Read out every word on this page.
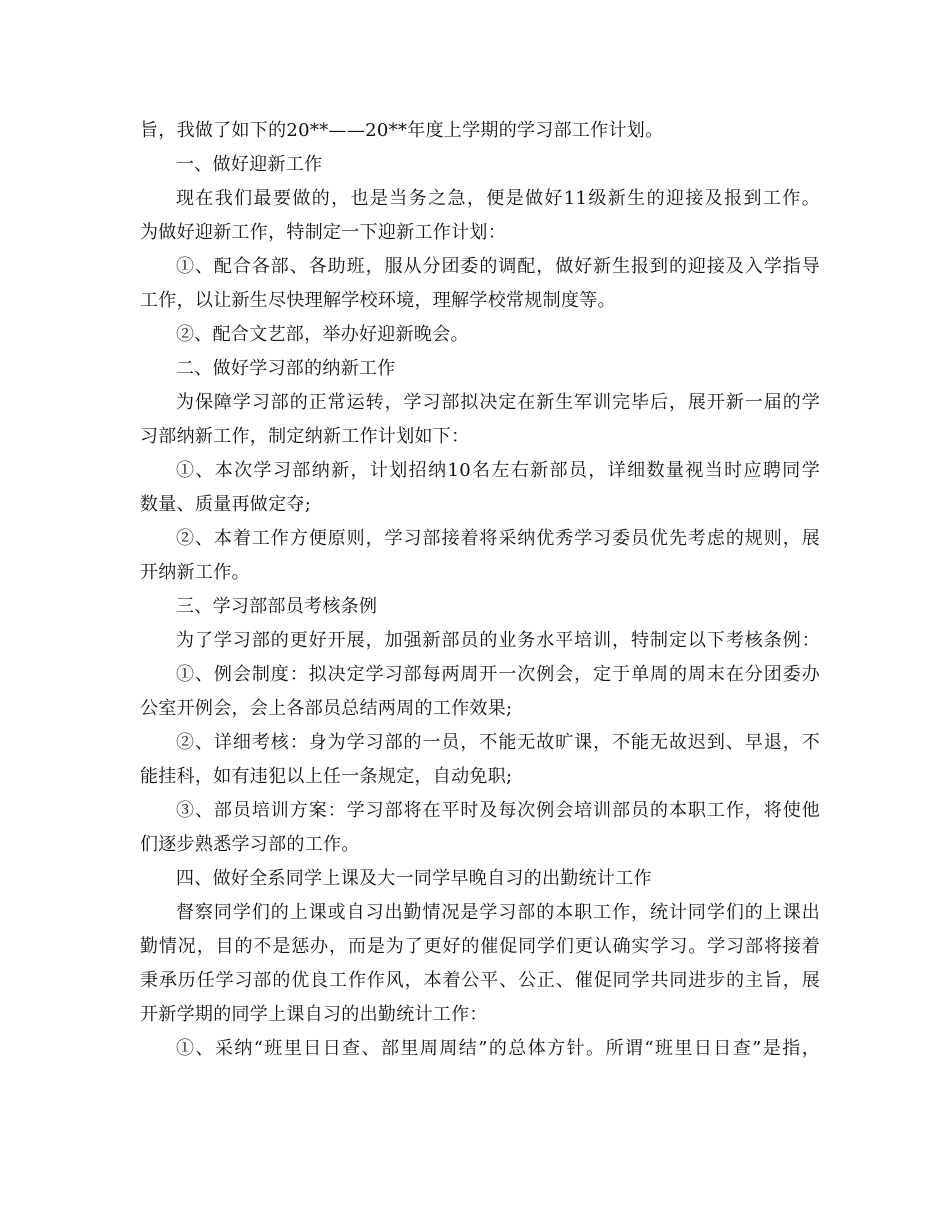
旨，我做了如下的20**——20**年度上学期的学习部工作计划。
一、做好迎新工作
现在我们最要做的，也是当务之急，便是做好11级新生的迎接及报到工作。
为做好迎新工作，特制定一下迎新工作计划：
①、配合各部、各助班，服从分团委的调配，做好新生报到的迎接及入学指导
工作，以让新生尽快理解学校环境，理解学校常规制度等。
②、配合文艺部，举办好迎新晚会。
二、做好学习部的纳新工作
为保障学习部的正常运转，学习部拟决定在新生军训完毕后，展开新一届的学
习部纳新工作，制定纳新工作计划如下：
①、本次学习部纳新，计划招纳10名左右新部员，详细数量视当时应聘同学
数量、质量再做定夺;
②、本着工作方便原则，学习部接着将采纳优秀学习委员优先考虑的规则，展
开纳新工作。
三、学习部部员考核条例
为了学习部的更好开展，加强新部员的业务水平培训，特制定以下考核条例：
①、例会制度：拟决定学习部每两周开一次例会，定于单周的周末在分团委办
公室开例会，会上各部员总结两周的工作效果;
②、详细考核：身为学习部的一员，不能无故旷课，不能无故迟到、早退，不
能挂科，如有违犯以上任一条规定，自动免职;
③、部员培训方案：学习部将在平时及每次例会培训部员的本职工作，将使他
们逐步熟悉学习部的工作。
四、做好全系同学上课及大一同学早晚自习的出勤统计工作
督察同学们的上课或自习出勤情况是学习部的本职工作，统计同学们的上课出
勤情况，目的不是惩办，而是为了更好的催促同学们更认确实学习。学习部将接着
秉承历任学习部的优良工作作风，本着公平、公正、催促同学共同进步的主旨，展
开新学期的同学上课自习的出勤统计工作：
①、采纳“班里日日查、部里周周结”的总体方针。所谓“班里日日查”是指，
